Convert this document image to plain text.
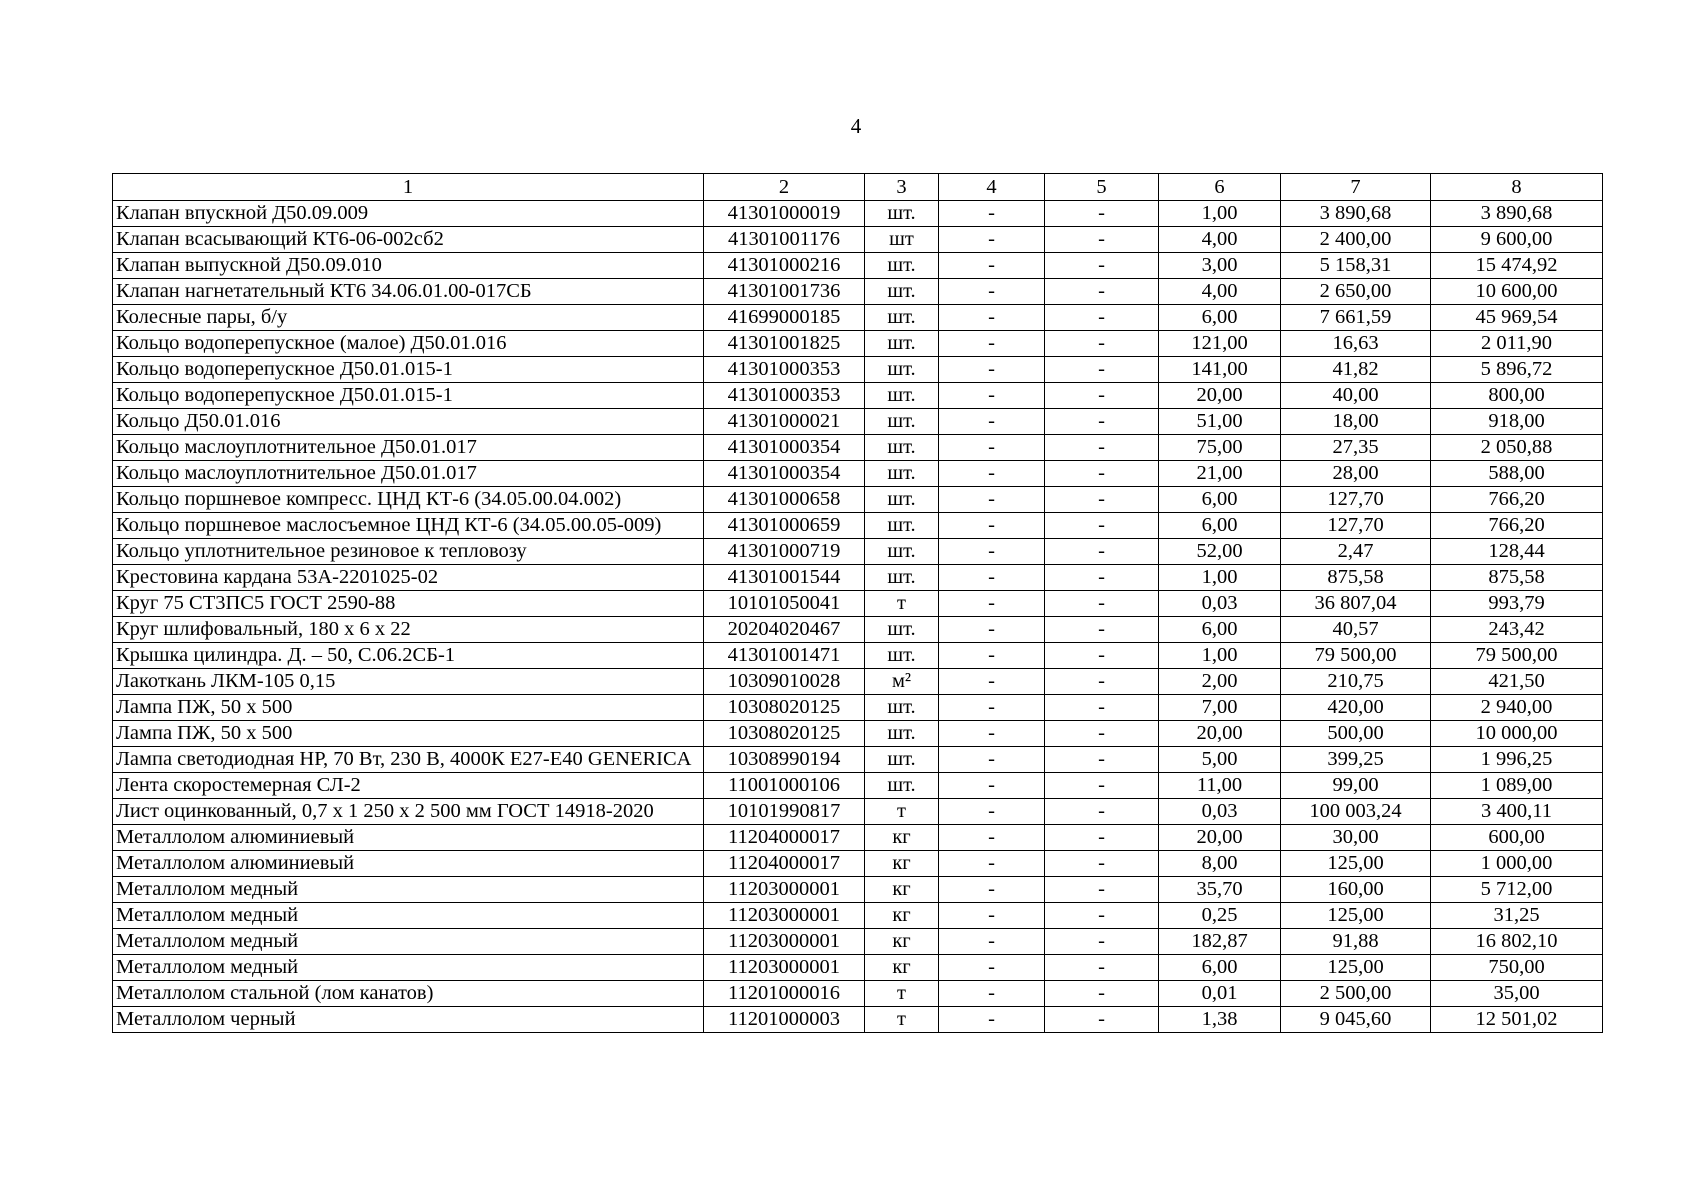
4
1	2	3	4	5	6	7	8
Клапан впускной Д50.09.009	41301000019	шт.	-	-	1,00	3 890,68	3 890,68
Клапан всасывающий КТ6-06-002сб2	41301001176	шт	-	-	4,00	2 400,00	9 600,00
Клапан выпускной Д50.09.010	41301000216	шт.	-	-	3,00	5 158,31	15 474,92
Клапан нагнетательный КТ6 34.06.01.00-017СБ	41301001736	шт.	-	-	4,00	2 650,00	10 600,00
Колесные пары, б/у	41699000185	шт.	-	-	6,00	7 661,59	45 969,54
Кольцо водоперепускное (малое) Д50.01.016	41301001825	шт.	-	-	121,00	16,63	2 011,90
Кольцо водоперепускное Д50.01.015-1	41301000353	шт.	-	-	141,00	41,82	5 896,72
Кольцо водоперепускное Д50.01.015-1	41301000353	шт.	-	-	20,00	40,00	800,00
Кольцо Д50.01.016	41301000021	шт.	-	-	51,00	18,00	918,00
Кольцо маслоуплотнительное Д50.01.017	41301000354	шт.	-	-	75,00	27,35	2 050,88
Кольцо маслоуплотнительное Д50.01.017	41301000354	шт.	-	-	21,00	28,00	588,00
Кольцо поршневое компресс. ЦНД КТ-6 (34.05.00.04.002)	41301000658	шт.	-	-	6,00	127,70	766,20
Кольцо поршневое маслосъемное ЦНД КТ-6 (34.05.00.05-009)	41301000659	шт.	-	-	6,00	127,70	766,20
Кольцо уплотнительное резиновое к тепловозу	41301000719	шт.	-	-	52,00	2,47	128,44
Крестовина кардана 53А-2201025-02	41301001544	шт.	-	-	1,00	875,58	875,58
Круг 75 СТ3ПС5 ГОСТ 2590-88	10101050041	т	-	-	0,03	36 807,04	993,79
Круг шлифовальный, 180 х 6 х 22	20204020467	шт.	-	-	6,00	40,57	243,42
Крышка цилиндра. Д. – 50, С.06.2СБ-1	41301001471	шт.	-	-	1,00	79 500,00	79 500,00
Лакоткань ЛКМ-105 0,15	10309010028	м²	-	-	2,00	210,75	421,50
Лампа ПЖ, 50 х 500	10308020125	шт.	-	-	7,00	420,00	2 940,00
Лампа ПЖ, 50 х 500	10308020125	шт.	-	-	20,00	500,00	10 000,00
Лампа светодиодная НР, 70 Вт, 230 В, 4000К Е27-Е40 GENERICA	10308990194	шт.	-	-	5,00	399,25	1 996,25
Лента скоростемерная СЛ-2	11001000106	шт.	-	-	11,00	99,00	1 089,00
Лист оцинкованный, 0,7 х 1 250 х 2 500 мм ГОСТ 14918-2020	10101990817	т	-	-	0,03	100 003,24	3 400,11
Металлолом алюминиевый	11204000017	кг	-	-	20,00	30,00	600,00
Металлолом алюминиевый	11204000017	кг	-	-	8,00	125,00	1 000,00
Металлолом медный	11203000001	кг	-	-	35,70	160,00	5 712,00
Металлолом медный	11203000001	кг	-	-	0,25	125,00	31,25
Металлолом медный	11203000001	кг	-	-	182,87	91,88	16 802,10
Металлолом медный	11203000001	кг	-	-	6,00	125,00	750,00
Металлолом стальной (лом канатов)	11201000016	т	-	-	0,01	2 500,00	35,00
Металлолом черный	11201000003	т	-	-	1,38	9 045,60	12 501,02
